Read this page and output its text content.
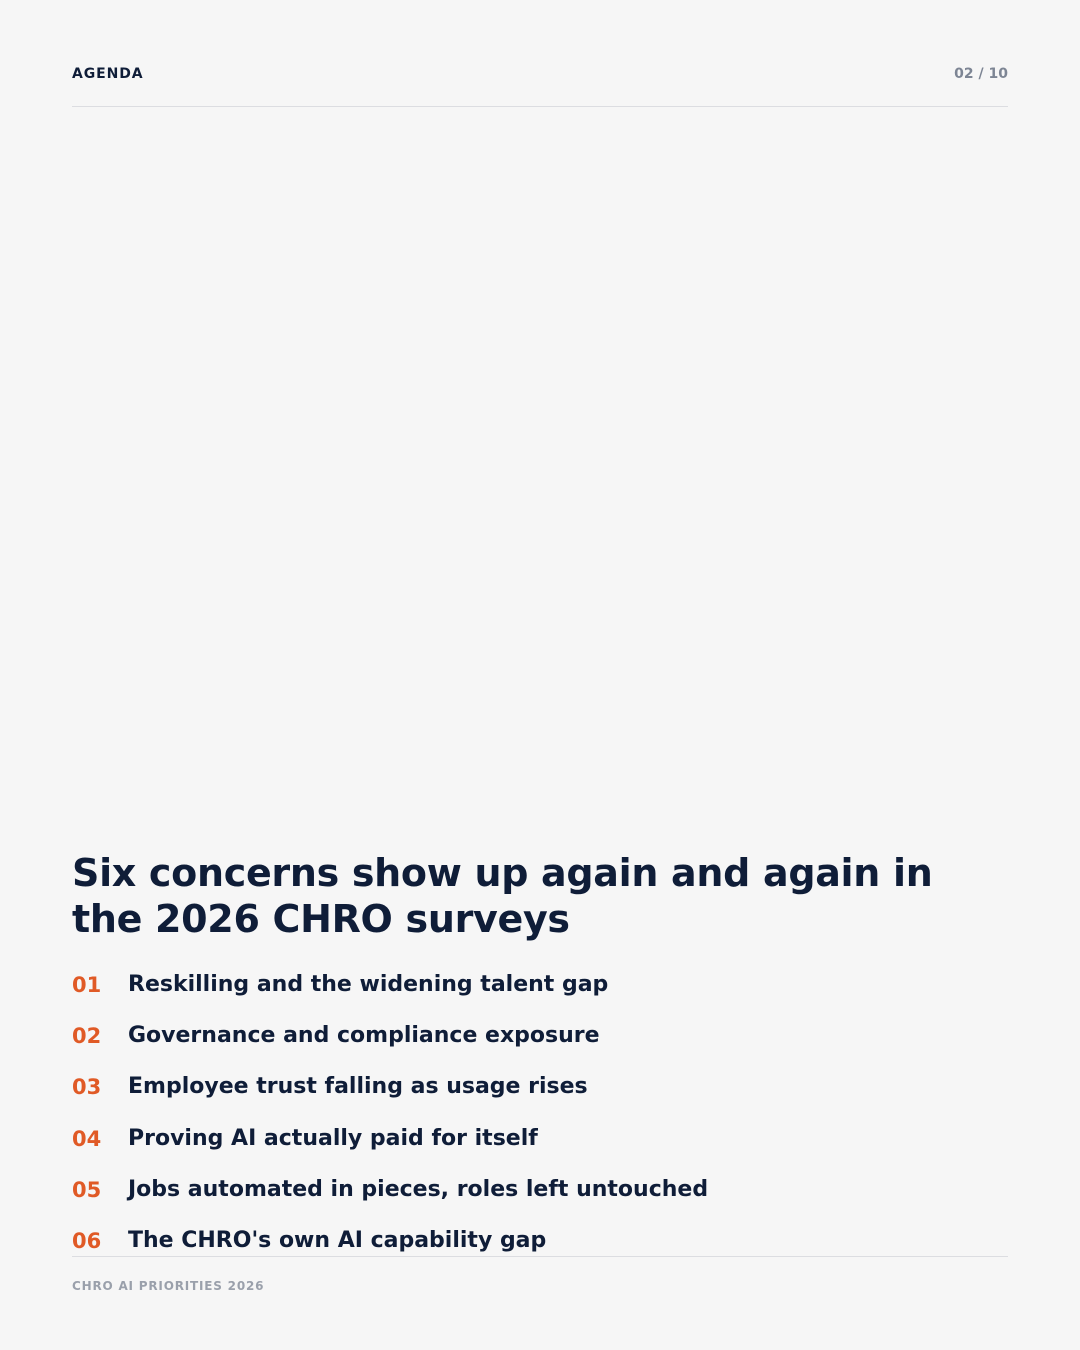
AGENDA	02 / 10
Six concerns show up again and again in the 2026 CHRO surveys
01	Reskilling and the widening talent gap
02	Governance and compliance exposure
03	Employee trust falling as usage rises
04	Proving AI actually paid for itself
05	Jobs automated in pieces, roles left untouched
06	The CHRO's own AI capability gap
CHRO AI PRIORITIES 2026
